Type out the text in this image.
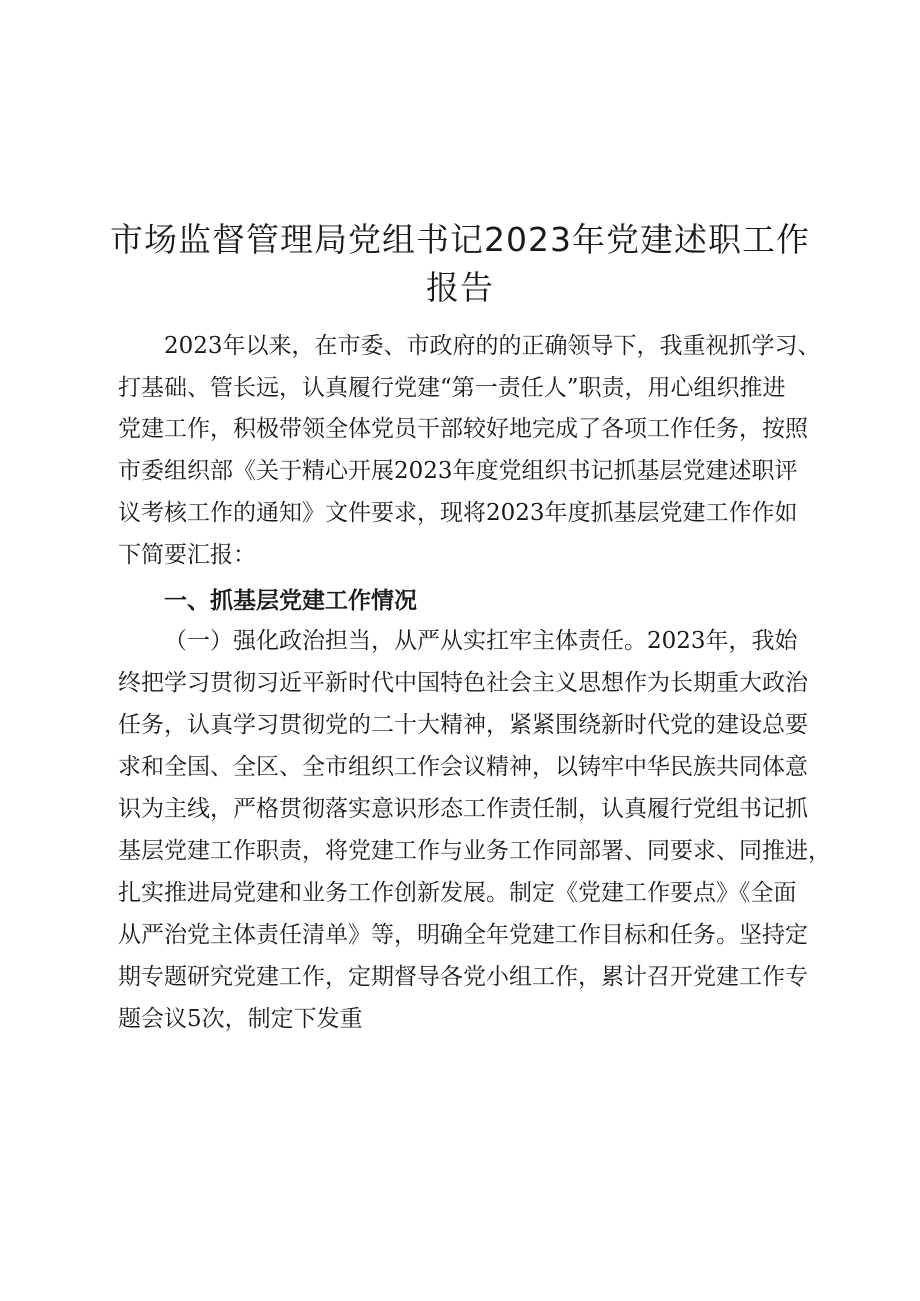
市场监督管理局党组书记2023年党建述职工作
报告

2023年以来，在市委、市政府的的正确领导下，我重视抓学习、

打基础、管长远，认真履行党建“第一责任人”职责，用心组织推进

党建工作，积极带领全体党员干部较好地完成了各项工作任务，按照

市委组织部《关于精心开展2023年度党组织书记抓基层党建述职评

议考核工作的通知》文件要求，现将2023年度抓基层党建工作作如

下简要汇报：

一、抓基层党建工作情况

（一）强化政治担当，从严从实扛牢主体责任。2023年，我始

终把学习贯彻习近平新时代中国特色社会主义思想作为长期重大政治

任务，认真学习贯彻党的二十大精神，紧紧围绕新时代党的建设总要

求和全国、全区、全市组织工作会议精神，以铸牢中华民族共同体意

识为主线，严格贯彻落实意识形态工作责任制，认真履行党组书记抓

基层党建工作职责，将党建工作与业务工作同部署、同要求、同推进，

扎实推进局党建和业务工作创新发展。制定《党建工作要点》《全面

从严治党主体责任清单》等，明确全年党建工作目标和任务。坚持定

期专题研究党建工作，定期督导各党小组工作，累计召开党建工作专

题会议5次，制定下发重
